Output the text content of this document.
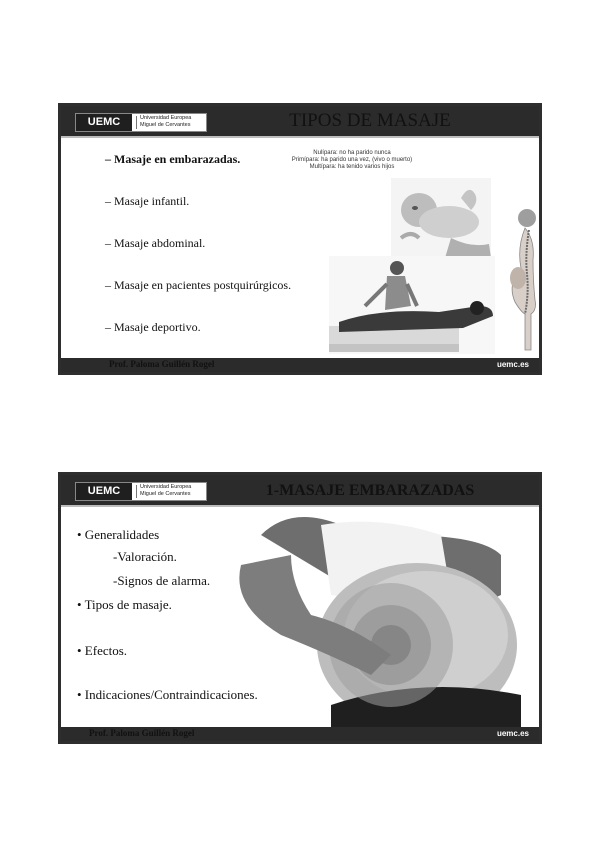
UEMC	Universidad Europea
Miguel de Cervantes	TIPOS DE MASAJE
– Masaje en embarazadas.
– Masaje infantil.
– Masaje abdominal.
– Masaje en pacientes postquirúrgicos.
– Masaje deportivo.
Nulípara: no ha parido nunca
Primípara: ha parido una vez, (vivo o muerto)
Multípara: ha tenido varios hijos
Prof. Paloma Guillén Rogel	uemc.es
UEMC	Universidad Europea
Miguel de Cervantes	1-MASAJE EMBARAZADAS
• Generalidades
-Valoración.
-Signos de alarma.
• Tipos de masaje.
• Efectos.
• Indicaciones/Contraindicaciones.
Prof. Paloma Guillén Rogel	uemc.es
